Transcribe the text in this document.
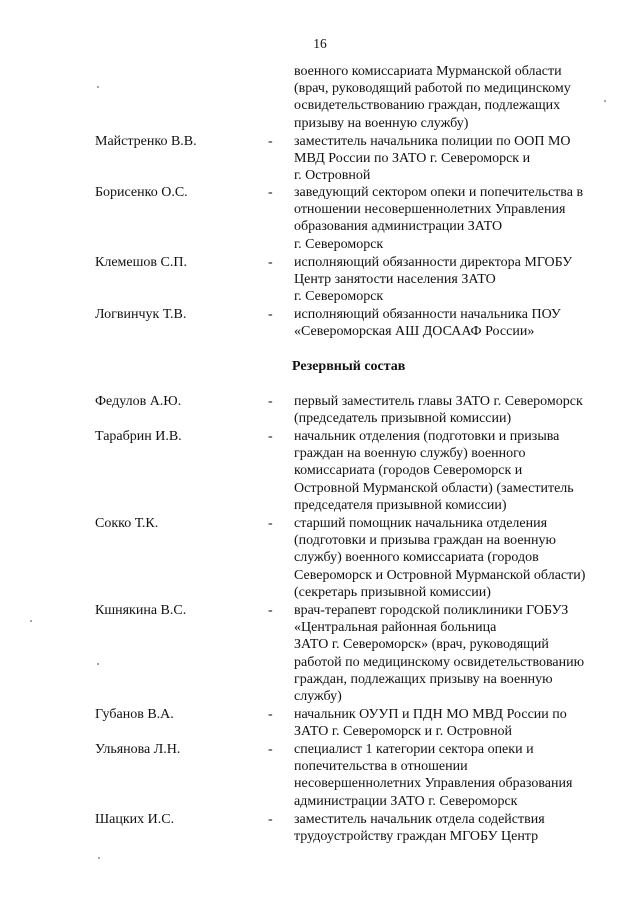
16
военного комиссариата Мурманской области
(врач, руководящий работой по медицинскому
освидетельствованию граждан, подлежащих
призыву на военную службу)
Майстренко В.В.	- заместитель начальника полиции по ООП МО
МВД России по ЗАТО г. Североморск и
г. Островной
Борисенко О.С.	- заведующий сектором опеки и попечительства в
отношении несовершеннолетних Управления
образования администрации ЗАТО
г. Североморск
Клемешов С.П.	- исполняющий обязанности директора МГОБУ
Центр занятости населения ЗАТО
г. Североморск
Логвинчук Т.В.	- исполняющий обязанности начальника ПОУ
«Североморская АШ ДОСААФ России»
Резервный состав
Федулов А.Ю.	- первый заместитель главы ЗАТО г. Североморск
(председатель призывной комиссии)
Тарабрин И.В.	- начальник отделения (подготовки и призыва
граждан на военную службу) военного
комиссариата (городов Североморск и
Островной Мурманской области) (заместитель
председателя призывной комиссии)
Сокко Т.К.	- старший помощник начальника отделения
(подготовки и призыва граждан на военную
службу) военного комиссариата (городов
Североморск и Островной Мурманской области)
(секретарь призывной комиссии)
Кшнякина В.С.	- врач-терапевт городской поликлиники ГОБУЗ
«Центральная районная больница
ЗАТО г. Североморск» (врач, руководящий
работой по медицинскому освидетельствованию
граждан, подлежащих призыву на военную
службу)
Губанов В.А.	- начальник ОУУП и ПДН МО МВД России по
ЗАТО г. Североморск и г. Островной
Ульянова Л.Н.	- специалист 1 категории сектора опеки и
попечительства в отношении
несовершеннолетних Управления образования
администрации ЗАТО г. Североморск
Шацких И.С.	- заместитель начальник отдела содействия
трудоустройству граждан МГОБУ Центр
